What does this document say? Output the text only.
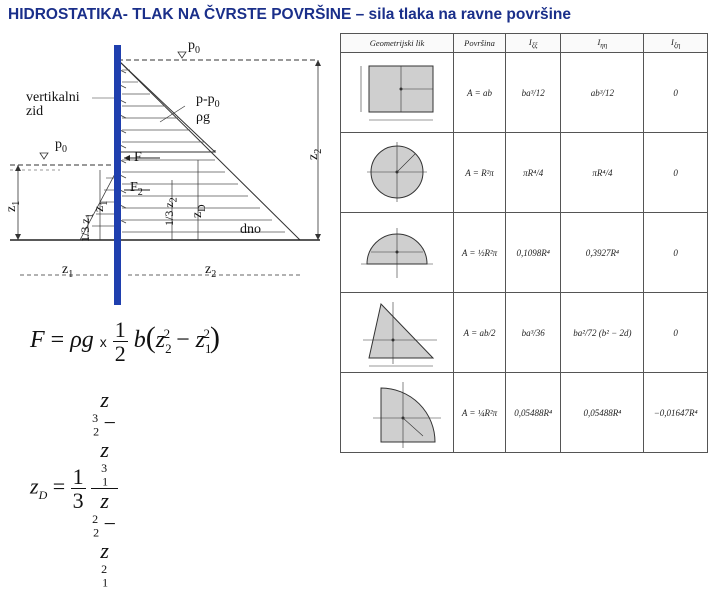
HIDROSTATIKA- TLAK NA ČVRSTE POVRŠINE – sila tlaka na ravne površine
$p_0$
vertikalni
zid
$p-p_0$
ρg
$p_0$
F
$F_2$
$z_1$
$z_1$
1/3 $z_1$	1/3 $z_2$
$z_D$
$z_2$
dno
$z_1$	$z_2$
F = ρg x $\frac{1}{2} b(z_2^2 - z_1^2)$
$z_D = \frac{1}{3}$
z
$_2^3$ −
z
$_1^3$
z
$_2^2$ −
z
$_1^2$
Geometrijski lik	Površina	$I_{\xi\xi}$	$I_{\eta\eta}$	$I_{\xi\eta}$

	A = ab	ba³/12	ab³/12	0

	A = R²π	πR⁴/4	πR⁴/4	0

	A = ½R²π	0,1098R⁴	0,3927R⁴	0

	A = ab/2	ba³/36	ba²/72 (b² − 2d)	0

	A = ¼R²π	0,05488R⁴	0,05488R⁴	−0,01647R⁴
